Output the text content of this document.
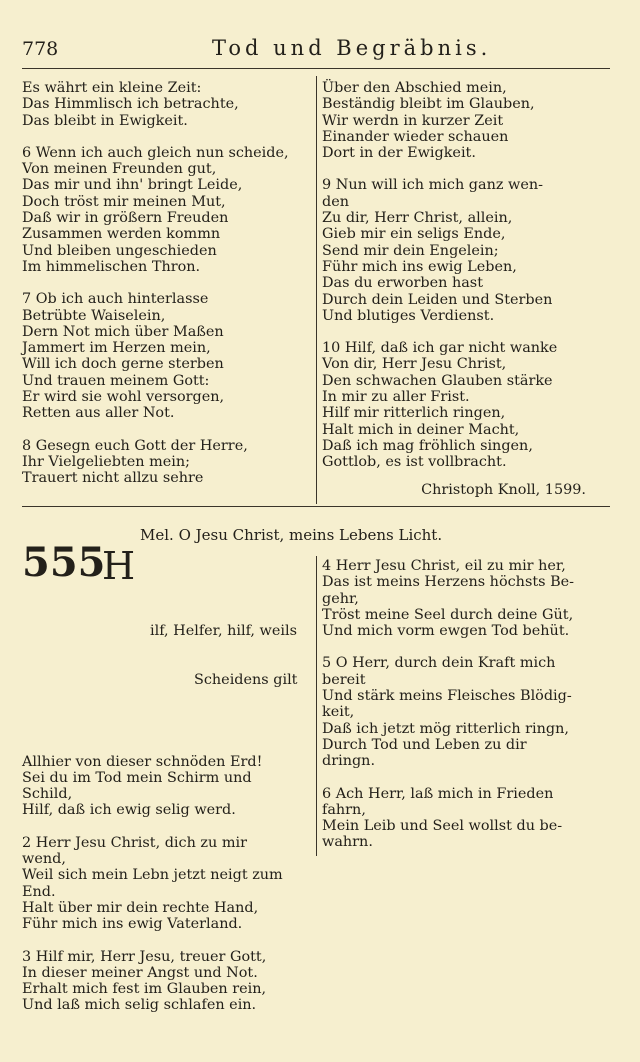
778	Tod und Begräbnis.
Es währt ein kleine Zeit:
Das Himmlisch ich betrachte,
Das bleibt in Ewigkeit.
6 Wenn ich auch gleich nun scheide,
Von meinen Freunden gut,
Das mir und ihn' bringt Leide,
Doch tröst mir meinen Mut,
Daß wir in größern Freuden
Zusammen werden kommn
Und bleiben ungeschieden
Im himmelischen Thron.
7 Ob ich auch hinterlasse
Betrübte Waiselein,
Dern Not mich über Maßen
Jammert im Herzen mein,
Will ich doch gerne sterben
Und trauen meinem Gott:
Er wird sie wohl versorgen,
Retten aus aller Not.
8 Gesegn euch Gott der Herre,
Ihr Vielgeliebten mein;
Trauert nicht allzu sehre
Über den Abschied mein,
Beständig bleibt im Glauben,
Wir werdn in kurzer Zeit
Einander wieder schauen
Dort in der Ewigkeit.
9 Nun will ich mich ganz wen-
den
Zu dir, Herr Christ, allein,
Gieb mir ein seligs Ende,
Send mir dein Engelein;
Führ mich ins ewig Leben,
Das du erworben hast
Durch dein Leiden und Sterben
Und blutiges Verdienst.
10 Hilf, daß ich gar nicht wanke
Von dir, Herr Jesu Christ,
Den schwachen Glauben stärke
In mir zu aller Frist.
Hilf mir ritterlich ringen,
Halt mich in deiner Macht,
Daß ich mag fröhlich singen,
Gottlob, es ist vollbracht.
Christoph Knoll, 1599.
Mel. O Jesu Christ, meins Lebens Licht.
555
H

ilf, Helfer, hilf, weils

Scheidens gilt

Allhier von dieser schnöden Erd!
Sei du im Tod mein Schirm und
Schild,
Hilf, daß ich ewig selig werd.
2 Herr Jesu Christ, dich zu mir
wend,
Weil sich mein Lebn jetzt neigt zum
End.
Halt über mir dein rechte Hand,
Führ mich ins ewig Vaterland.
3 Hilf mir, Herr Jesu, treuer Gott,
In dieser meiner Angst und Not.
Erhalt mich fest im Glauben rein,
Und laß mich selig schlafen ein.

4 Herr Jesu Christ, eil zu mir her,
Das ist meins Herzens höchsts Be-
gehr,
Tröst meine Seel durch deine Güt,
Und mich vorm ewgen Tod behüt.
5 O Herr, durch dein Kraft mich
bereit
Und stärk meins Fleisches Blödig-
keit,
Daß ich jetzt mög ritterlich ringn,
Durch Tod und Leben zu dir
dringn.
6 Ach Herr, laß mich in Frieden
fahrn,
Mein Leib und Seel wollst du be-
wahrn.
